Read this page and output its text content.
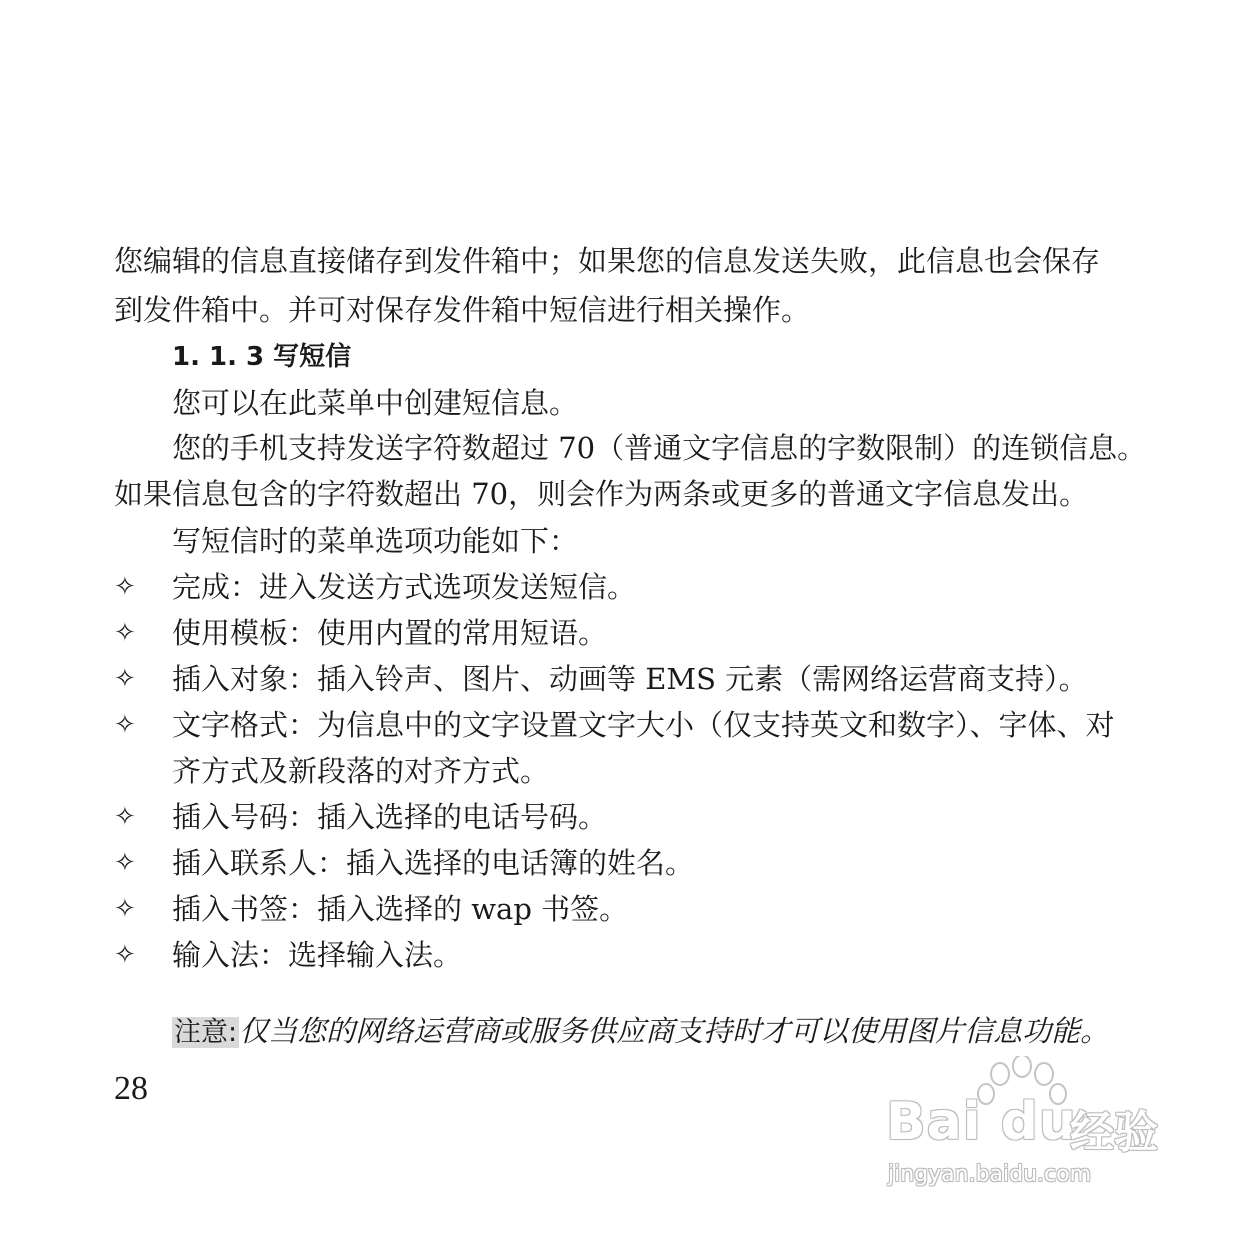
您编辑的信息直接储存到发件箱中；如果您的信息发送失败，此信息也会保存
到发件箱中。并可对保存发件箱中短信进行相关操作。
1. 1. 3 写短信
您可以在此菜单中创建短信息。
您的手机支持发送字符数超过 70（普通文字信息的字数限制）的连锁信息。
如果信息包含的字符数超出 70，则会作为两条或更多的普通文字信息发出。
写短信时的菜单选项功能如下：
✧	完成：进入发送方式选项发送短信。
✧	使用模板：使用内置的常用短语。
✧	插入对象：插入铃声、图片、动画等 EMS 元素（需网络运营商支持）。
✧	文字格式：为信息中的文字设置文字大小（仅支持英文和数字）、字体、对
齐方式及新段落的对齐方式。
✧	插入号码：插入选择的电话号码。
✧	插入联系人：插入选择的电话簿的姓名。
✧	插入书签：插入选择的 wap 书签。
✧	输入法：选择输入法。
注意:仅当您的网络运营商或服务供应商支持时才可以使用图片信息功能。
28
Bai du
经验
jingyan.baidu.com
